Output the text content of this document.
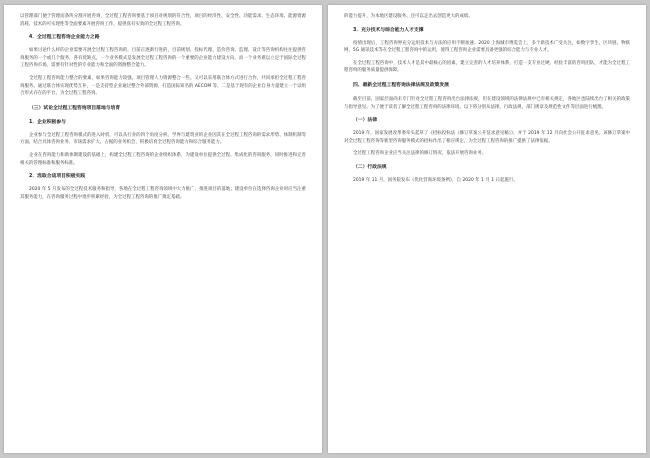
以管理部门便于管理而条块分割开展咨询，全过程工程咨询要基于项目对规划的符合性、项目的经济性、安全性、功能需求、生态环境、能源资源消耗、技术的可实现性等全面要素开展咨询工作，提供真有实效的全过程工程咨询。

4．全过程工程咨询企业能力之路

如果讨论什么样的企业需要开展全过程工程咨询的，目前正逐渐行进的，目前规划、投标代理、造价咨询、监理、设计等咨询机构往往提供咨询服务的一个或几个服务，各有优缺点，一个业务模式是发展全过程工程咨询的一个重要的企业能力建设方向。而一个业务难以立足于国际全过程工程咨询市场，需要有针对性的专业能力和全面的资源整合能力。

全过程工程咨询能力整合的要素，如果咨询能力较强，项目管理人力资源整合一些。又可以采用联合体方式进行合作，共同承担全过程工程咨询服务。通过联合体实现优势互补，一是支持型企业通过整合外部资源，打造国际知名的 AECOM 等，二是基于现有的企业自身力量建立一个以组合形式存在的平台，为全过程工程咨询。

（三）试论全过程工程咨询项目落地与培育
1．企业积极参与

企业参与全过程工程咨询模式的进入时机，可以从行业的四个角度分析，学界与建筑业的企业因其在全过程工程咨询的需求形势、体制机制等方面，结合具体咨询业务、市场需求扩大、占据的业务机会，积极培育全过程咨询能力和综合服务能力。

企业在咨询能力和新体制建设的基础上，构建全过程工程咨询的企业组织体系，为建设单位提供全过程、集成化的咨询服务，同时推进和完善相关的管理标准和服务标准。

2．选取合适项目积极实践

2020 年 5 月发布的全过程技术服务和指导，各地在全过程工程咨询领域中大力推广，推进项目的落地；建设单位在选择咨询企业时应当注重其服务能力，在咨询服务过程中逐步积累经验，为全过程工程咨询的推广奠定基础。

的能力提升，为本地区建设服务。还可以走出去创造更大的成绩。

3．充分技术与综合能力人才支撑

疫情出现后，工程咨询界充分运用技术与方法的应用不断加速。2020 上海城市博览会上，多个新技术广受关注，如数字孪生、区块链、物联网、5G 通讯技术等在全过程工程咨询中的运用，使得工程咨询企业需要具备更强的综合能力与专业人才。

在全过程工程咨询中，技术人才是其中最核心的因素，建立完善的人才培养体系，打造一支专业过硬、经验丰富的咨询团队，才能为全过程工程咨询的服务质量提供保障。

四、最新全过程工程咨询法律法规及政策发展

截至目前，国家层面尚未专门针对全过程工程咨询出台法律法规，但在建设领域的法律法规中已有相关规定，各地区也陆续出台了相关的政策与指导意见。为了便于读者了解全过程工程咨询的法律环境，以下将分别从法律、行政法规、部门规章及规范性文件等层面进行梳理。

（一）法律

2019 年，国家发展改革委牵头起草了《招标投标法（修订草案公开征求意见稿）》，并于 2019 年 12 月向社会公开征求意见。该修订草案中对全过程工程咨询等新型咨询服务模式的招标作出了相应规定，为全过程工程咨询的推广提供了法律依据。

全过程工程咨询企业应当关注法律的修订情况，依法开展咨询业务。

（二）行政法规

2019 年 11 月，国务院发布《优化营商环境条例》，自 2020 年 1 月 1 日起施行。
